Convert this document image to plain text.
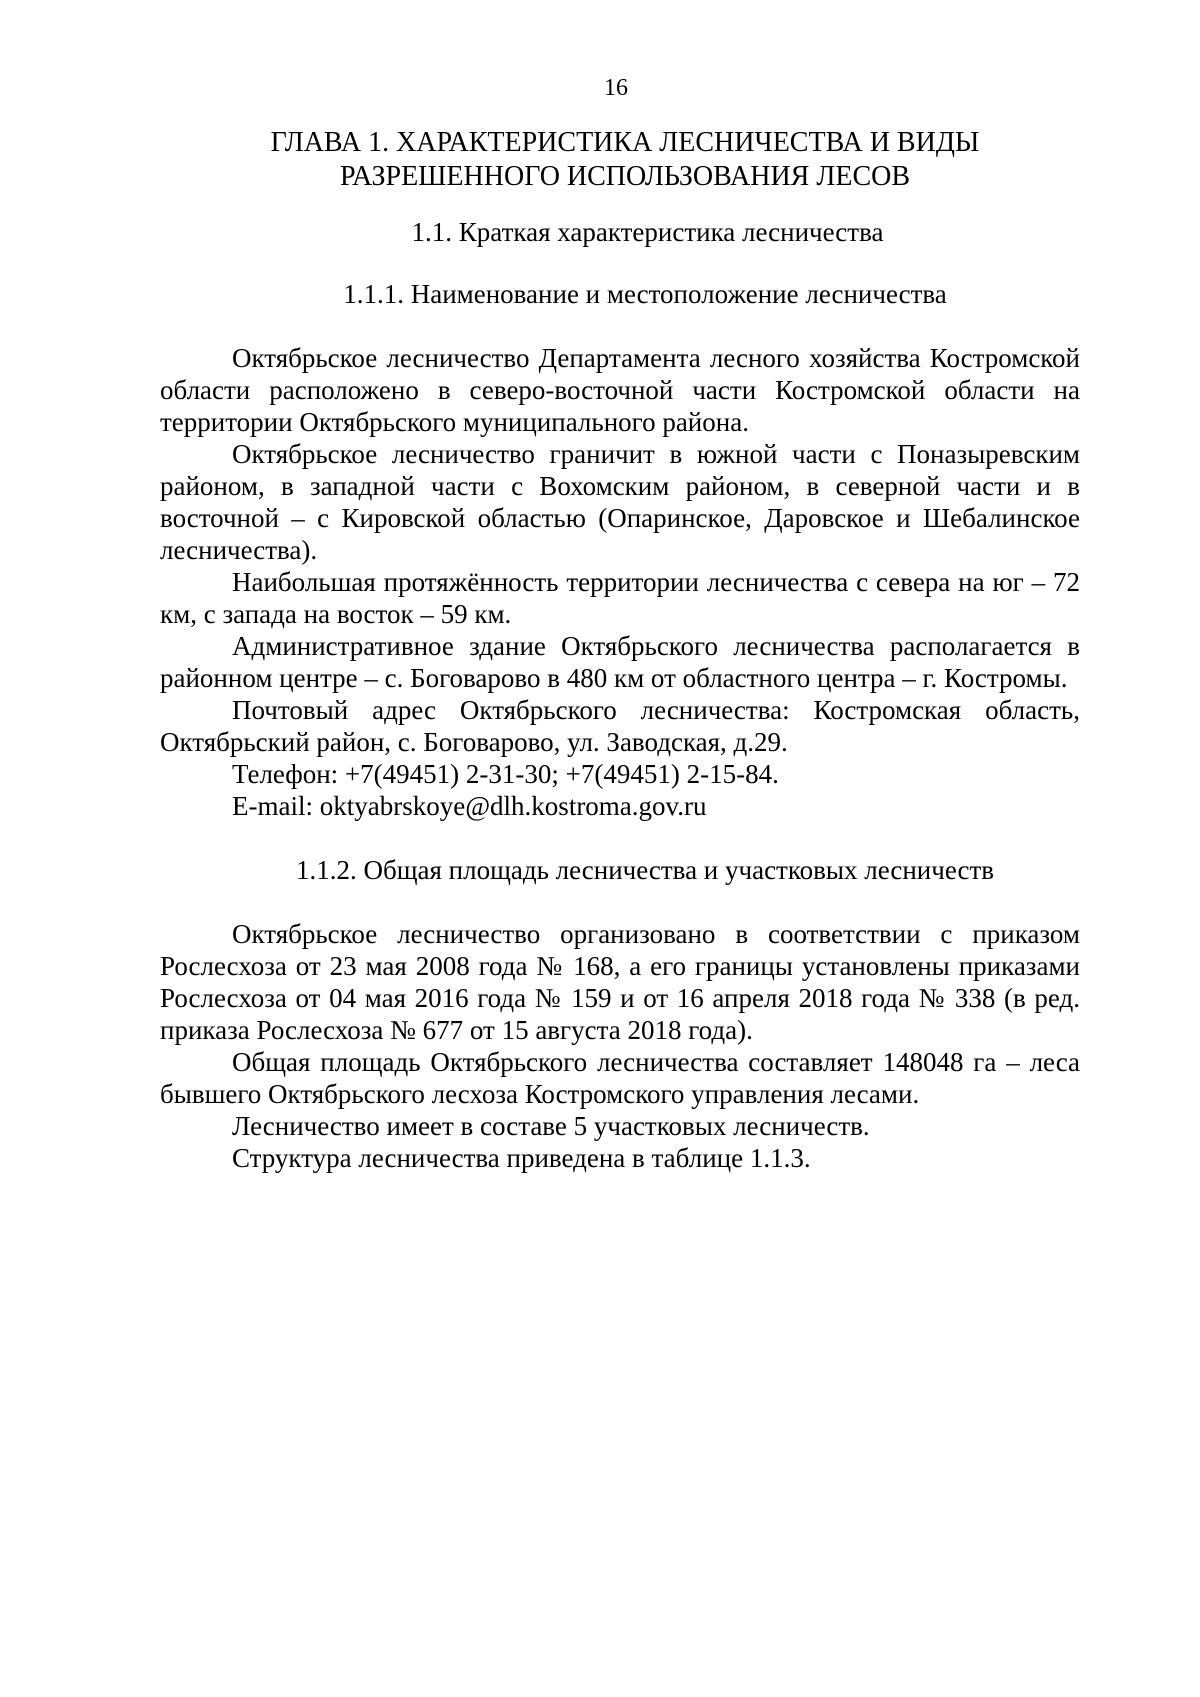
16
ГЛАВА 1. ХАРАКТЕРИСТИКА ЛЕСНИЧЕСТВА И ВИДЫ
РАЗРЕШЕННОГО ИСПОЛЬЗОВАНИЯ ЛЕСОВ
1.1. Краткая характеристика лесничества
1.1.1. Наименование и местоположение лесничества

Октябрьское лесничество Департамента лесного хозяйства Костромской области расположено в северо-восточной части Костромской области на территории Октябрьского муниципального района.

Октябрьское лесничество граничит в южной части с Поназыревским районом, в западной части с Вохомским районом, в северной части и в восточной – с Кировской областью (Опаринское, Даровское и Шебалинское лесничества).

Наибольшая протяжённость территории лесничества с севера на юг – 72 км, с запада на восток – 59 км.

Административное здание Октябрьского лесничества располагается в районном центре – с. Боговарово в 480 км от областного центра – г. Костромы.

Почтовый адрес Октябрьского лесничества: Костромская область, Октябрьский район, с. Боговарово, ул. Заводская, д.29.

Телефон: +7(49451) 2-31-30; +7(49451) 2-15-84.

E-mail: oktyabrskoye@dlh.kostroma.gov.ru

1.1.2. Общая площадь лесничества и участковых лесничеств

Октябрьское лесничество организовано в соответствии с приказом Рослесхоза от 23 мая 2008 года № 168, а его границы установлены приказами Рослесхоза от 04 мая 2016 года № 159 и от 16 апреля 2018 года № 338 (в ред. приказа Рослесхоза № 677 от 15 августа 2018 года).

Общая площадь Октябрьского лесничества составляет 148048 га – леса бывшего Октябрьского лесхоза Костромского управления лесами.

Лесничество имеет в составе 5 участковых лесничеств.

Структура лесничества приведена в таблице 1.1.3.
